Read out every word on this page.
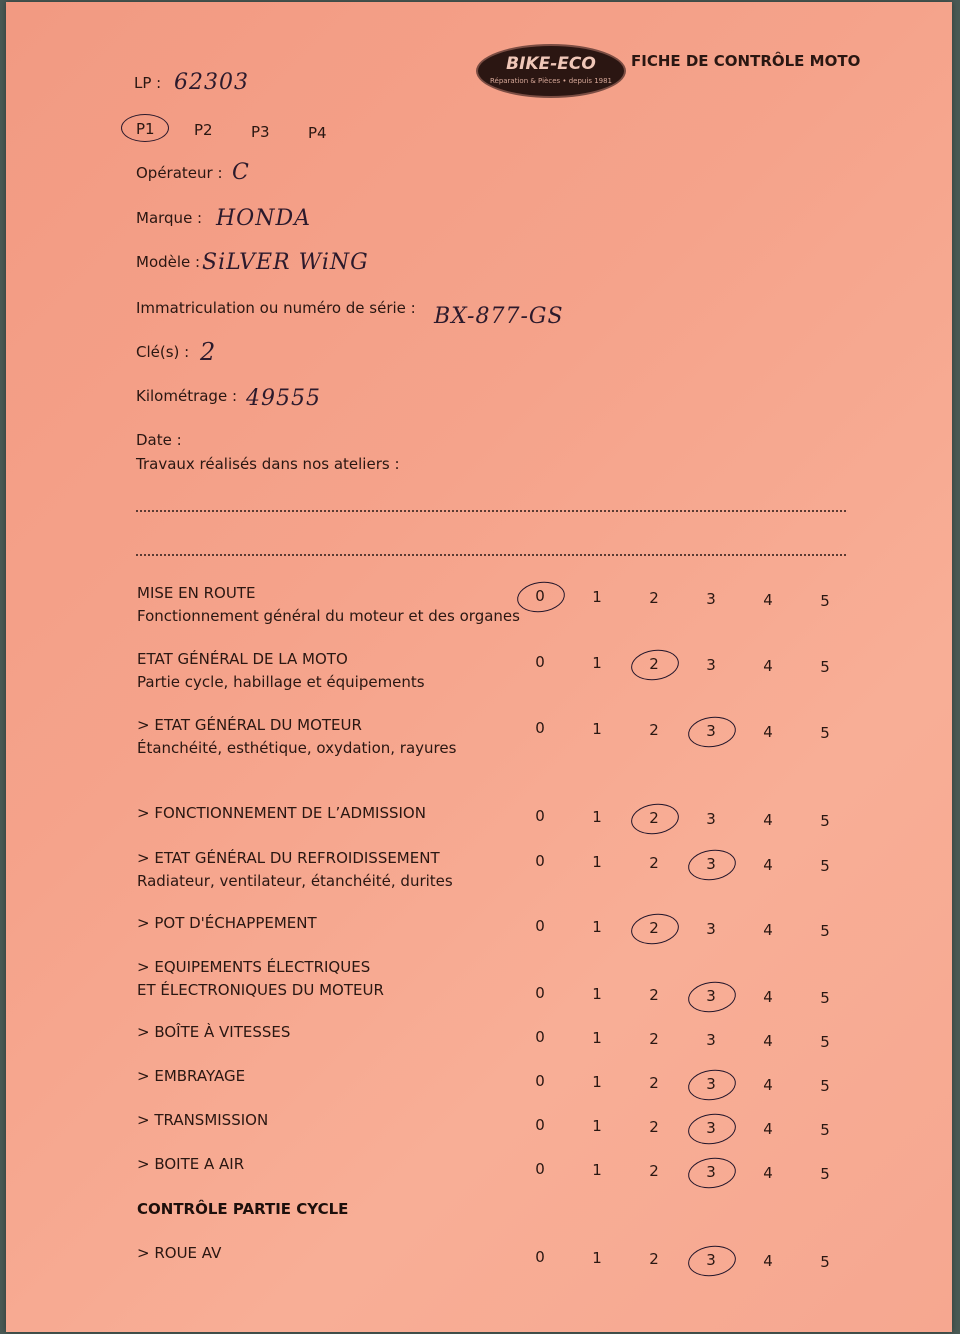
BIKE-ECO
Réparation & Pièces • depuis 1981
FICHE DE CONTRÔLE MOTO
LP : 62303
P1	P2	P3	P4
Opérateur : C
Marque : HONDA
Modèle : SiLVER WiNG
Immatriculation ou numéro de série : BX-877-GS
Clé(s) : 2
Kilométrage : 49555
Date :
Travaux réalisés dans nos ateliers :
MISE EN ROUTE
Fonctionnement général du moteur et des organes
0	1	2	3	4	5
ETAT GÉNÉRAL DE LA MOTO
Partie cycle, habillage et équipements
0	1	2	3	4	5
> ETAT GÉNÉRAL DU MOTEUR
Étanchéité, esthétique, oxydation, rayures
0	1	2	3	4	5
> FONCTIONNEMENT DE L’ADMISSION	0	1	2	3	4	5
> ETAT GÉNÉRAL DU REFROIDISSEMENT
Radiateur, ventilateur, étanchéité, durites
0	1	2	3	4	5
> POT D'ÉCHAPPEMENT	0	1	2	3	4	5
> EQUIPEMENTS ÉLECTRIQUES
ET ÉLECTRONIQUES DU MOTEUR	0	1	2	3	4	5
> BOÎTE À VITESSES	0	1	2	3	4	5
> EMBRAYAGE	0	1	2	3	4	5
> TRANSMISSION	0	1	2	3	4	5
> BOITE A AIR	0	1	2	3	4	5
CONTRÔLE PARTIE CYCLE
> ROUE AV	0	1	2	3	4	5
